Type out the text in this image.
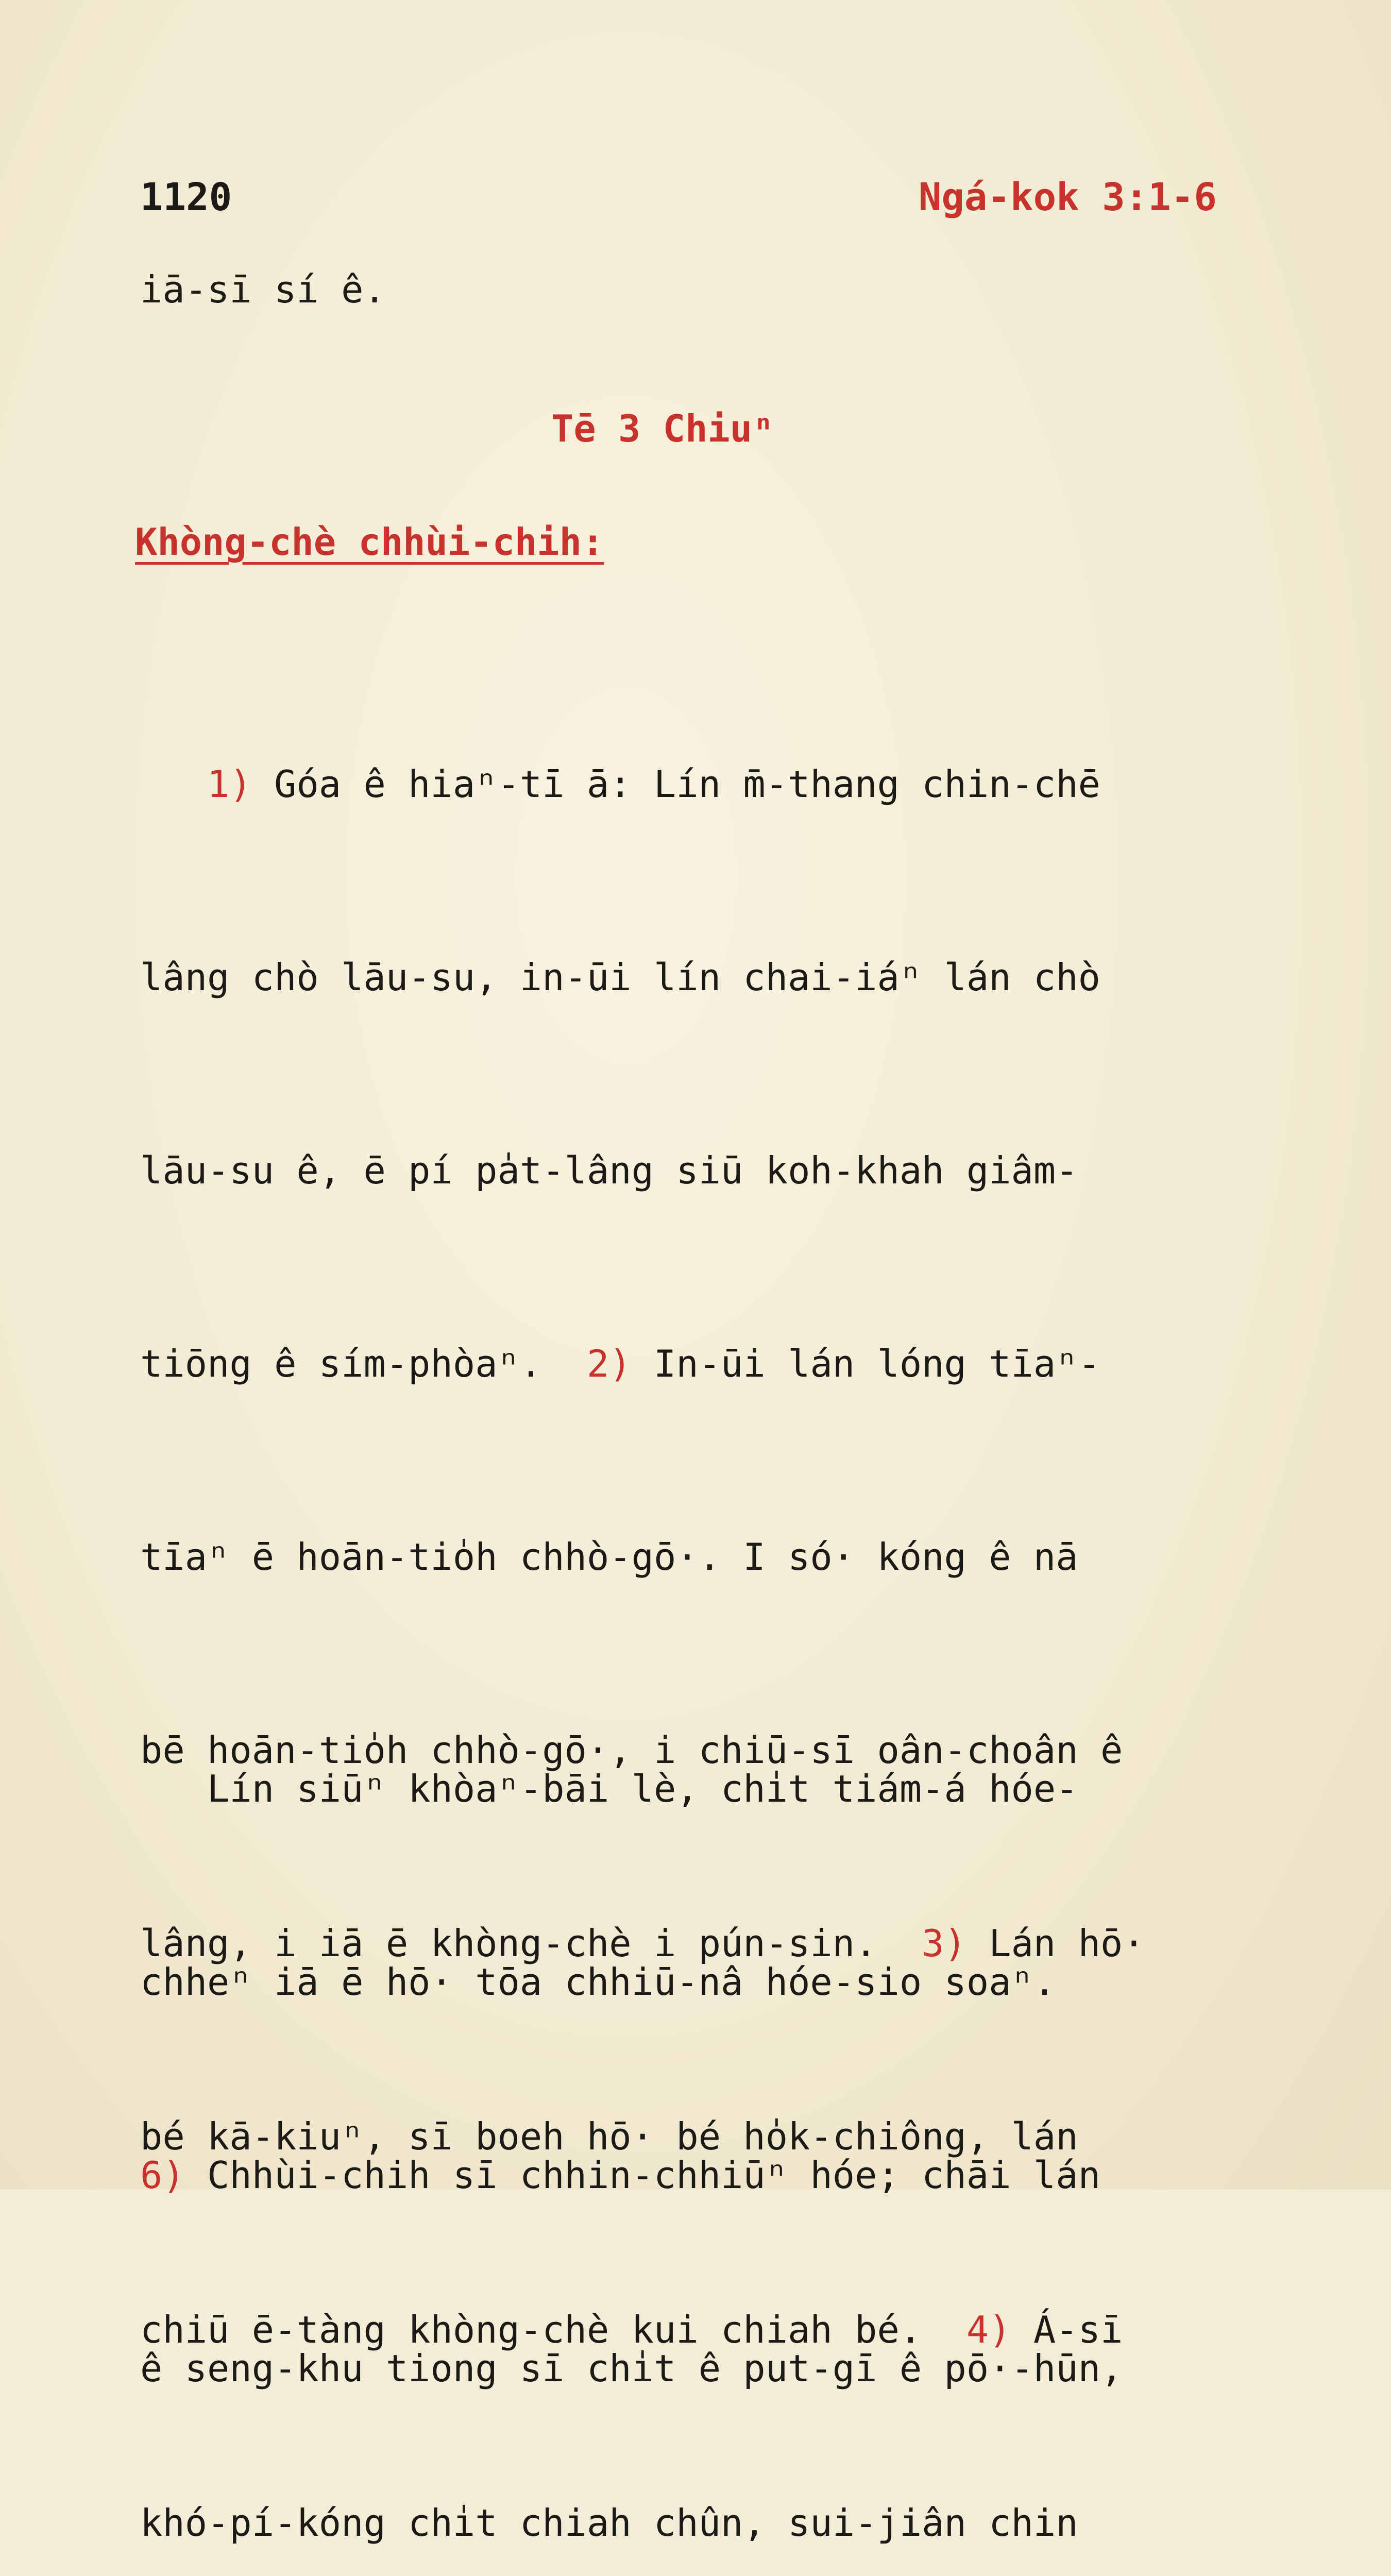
1120	Ngá-kok 3:1-6
iā-sī sí ê.
Tē 3 Chiuⁿ
Khòng-chè chhùi-chih:

1) Góa ê hiaⁿ-tī ā: Lín m̄-thang chin-chē

lâng chò lāu-su, in-ūi lín chai-iáⁿ lán chò

lāu-su ê, ē pí pa̍t-lâng siū koh-khah giâm-

tiōng ê sím-phòaⁿ.  2) In-ūi lán lóng tīaⁿ-

tīaⁿ ē hoān-tio̍h chhò-gō·. I só· kóng ê nā

bē hoān-tio̍h chhò-gō·, i chiū-sī oân-choân ê

lâng, i iā ē khòng-chè i pún-sin.  3) Lán hō·

bé kā-kiuⁿ, sī boeh hō· bé ho̍k-chiông, lán

chiū ē-tàng khòng-chè kui chiah bé.  4) Á-sī

khó-pí-kóng chi̍t chiah chûn, sui-jiân chin

Lín siūⁿ khòaⁿ-bāi lè, chi̍t tiám-á hóe-

chheⁿ iā ē hō· tōa chhiū-nâ hóe-sio soaⁿ.

6) Chhùi-chih sī chhin-chhiūⁿ hóe; chāi lán

ê seng-khu tiong sī chi̍t ê put-gī ê pō·-hūn,
